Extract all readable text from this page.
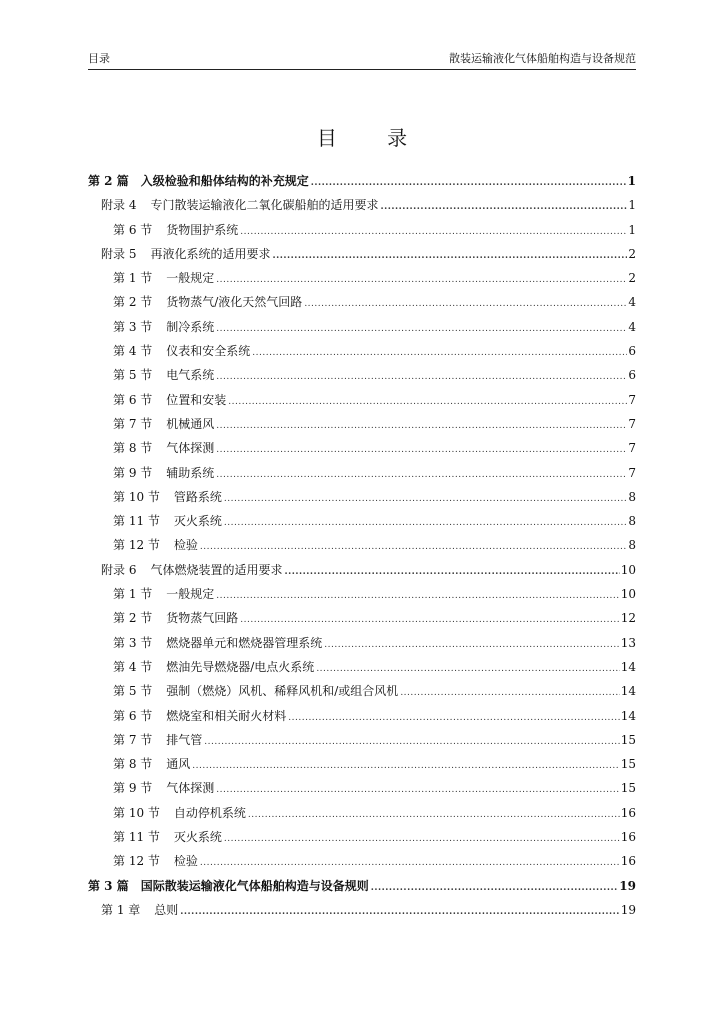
目录	散装运输液化气体船舶构造与设备规范
目 录
第 2 篇 入级检验和船体结构的补充规定 .....	1
附录 4 专门散装运输液化二氧化碳船舶的适用要求 .....	1
第 6 节 货物围护系统 .....	1
附录 5 再液化系统的适用要求 .....	2
第 1 节 一般规定 .....	2
第 2 节 货物蒸气/液化天然气回路 .....	4
第 3 节 制冷系统 .....	4
第 4 节 仪表和安全系统 .....	6
第 5 节 电气系统 .....	6
第 6 节 位置和安装 .....	7
第 7 节 机械通风 .....	7
第 8 节 气体探测 .....	7
第 9 节 辅助系统 .....	7
第 10 节 管路系统 .....	8
第 11 节 灭火系统 .....	8
第 12 节 检验 .....	8
附录 6 气体燃烧装置的适用要求 .....	10
第 1 节 一般规定 .....	10
第 2 节 货物蒸气回路 .....	12
第 3 节 燃烧器单元和燃烧器管理系统 .....	13
第 4 节 燃油先导燃烧器/电点火系统 .....	14
第 5 节 强制（燃烧）风机、稀释风机和/或组合风机 .....	14
第 6 节 燃烧室和相关耐火材料 .....	14
第 7 节 排气管 .....	15
第 8 节 通风 .....	15
第 9 节 气体探测 .....	15
第 10 节 自动停机系统 .....	16
第 11 节 灭火系统 .....	16
第 12 节 检验 .....	16
第 3 篇 国际散装运输液化气体船舶构造与设备规则 .....	19
第 1 章 总则 .....	19
